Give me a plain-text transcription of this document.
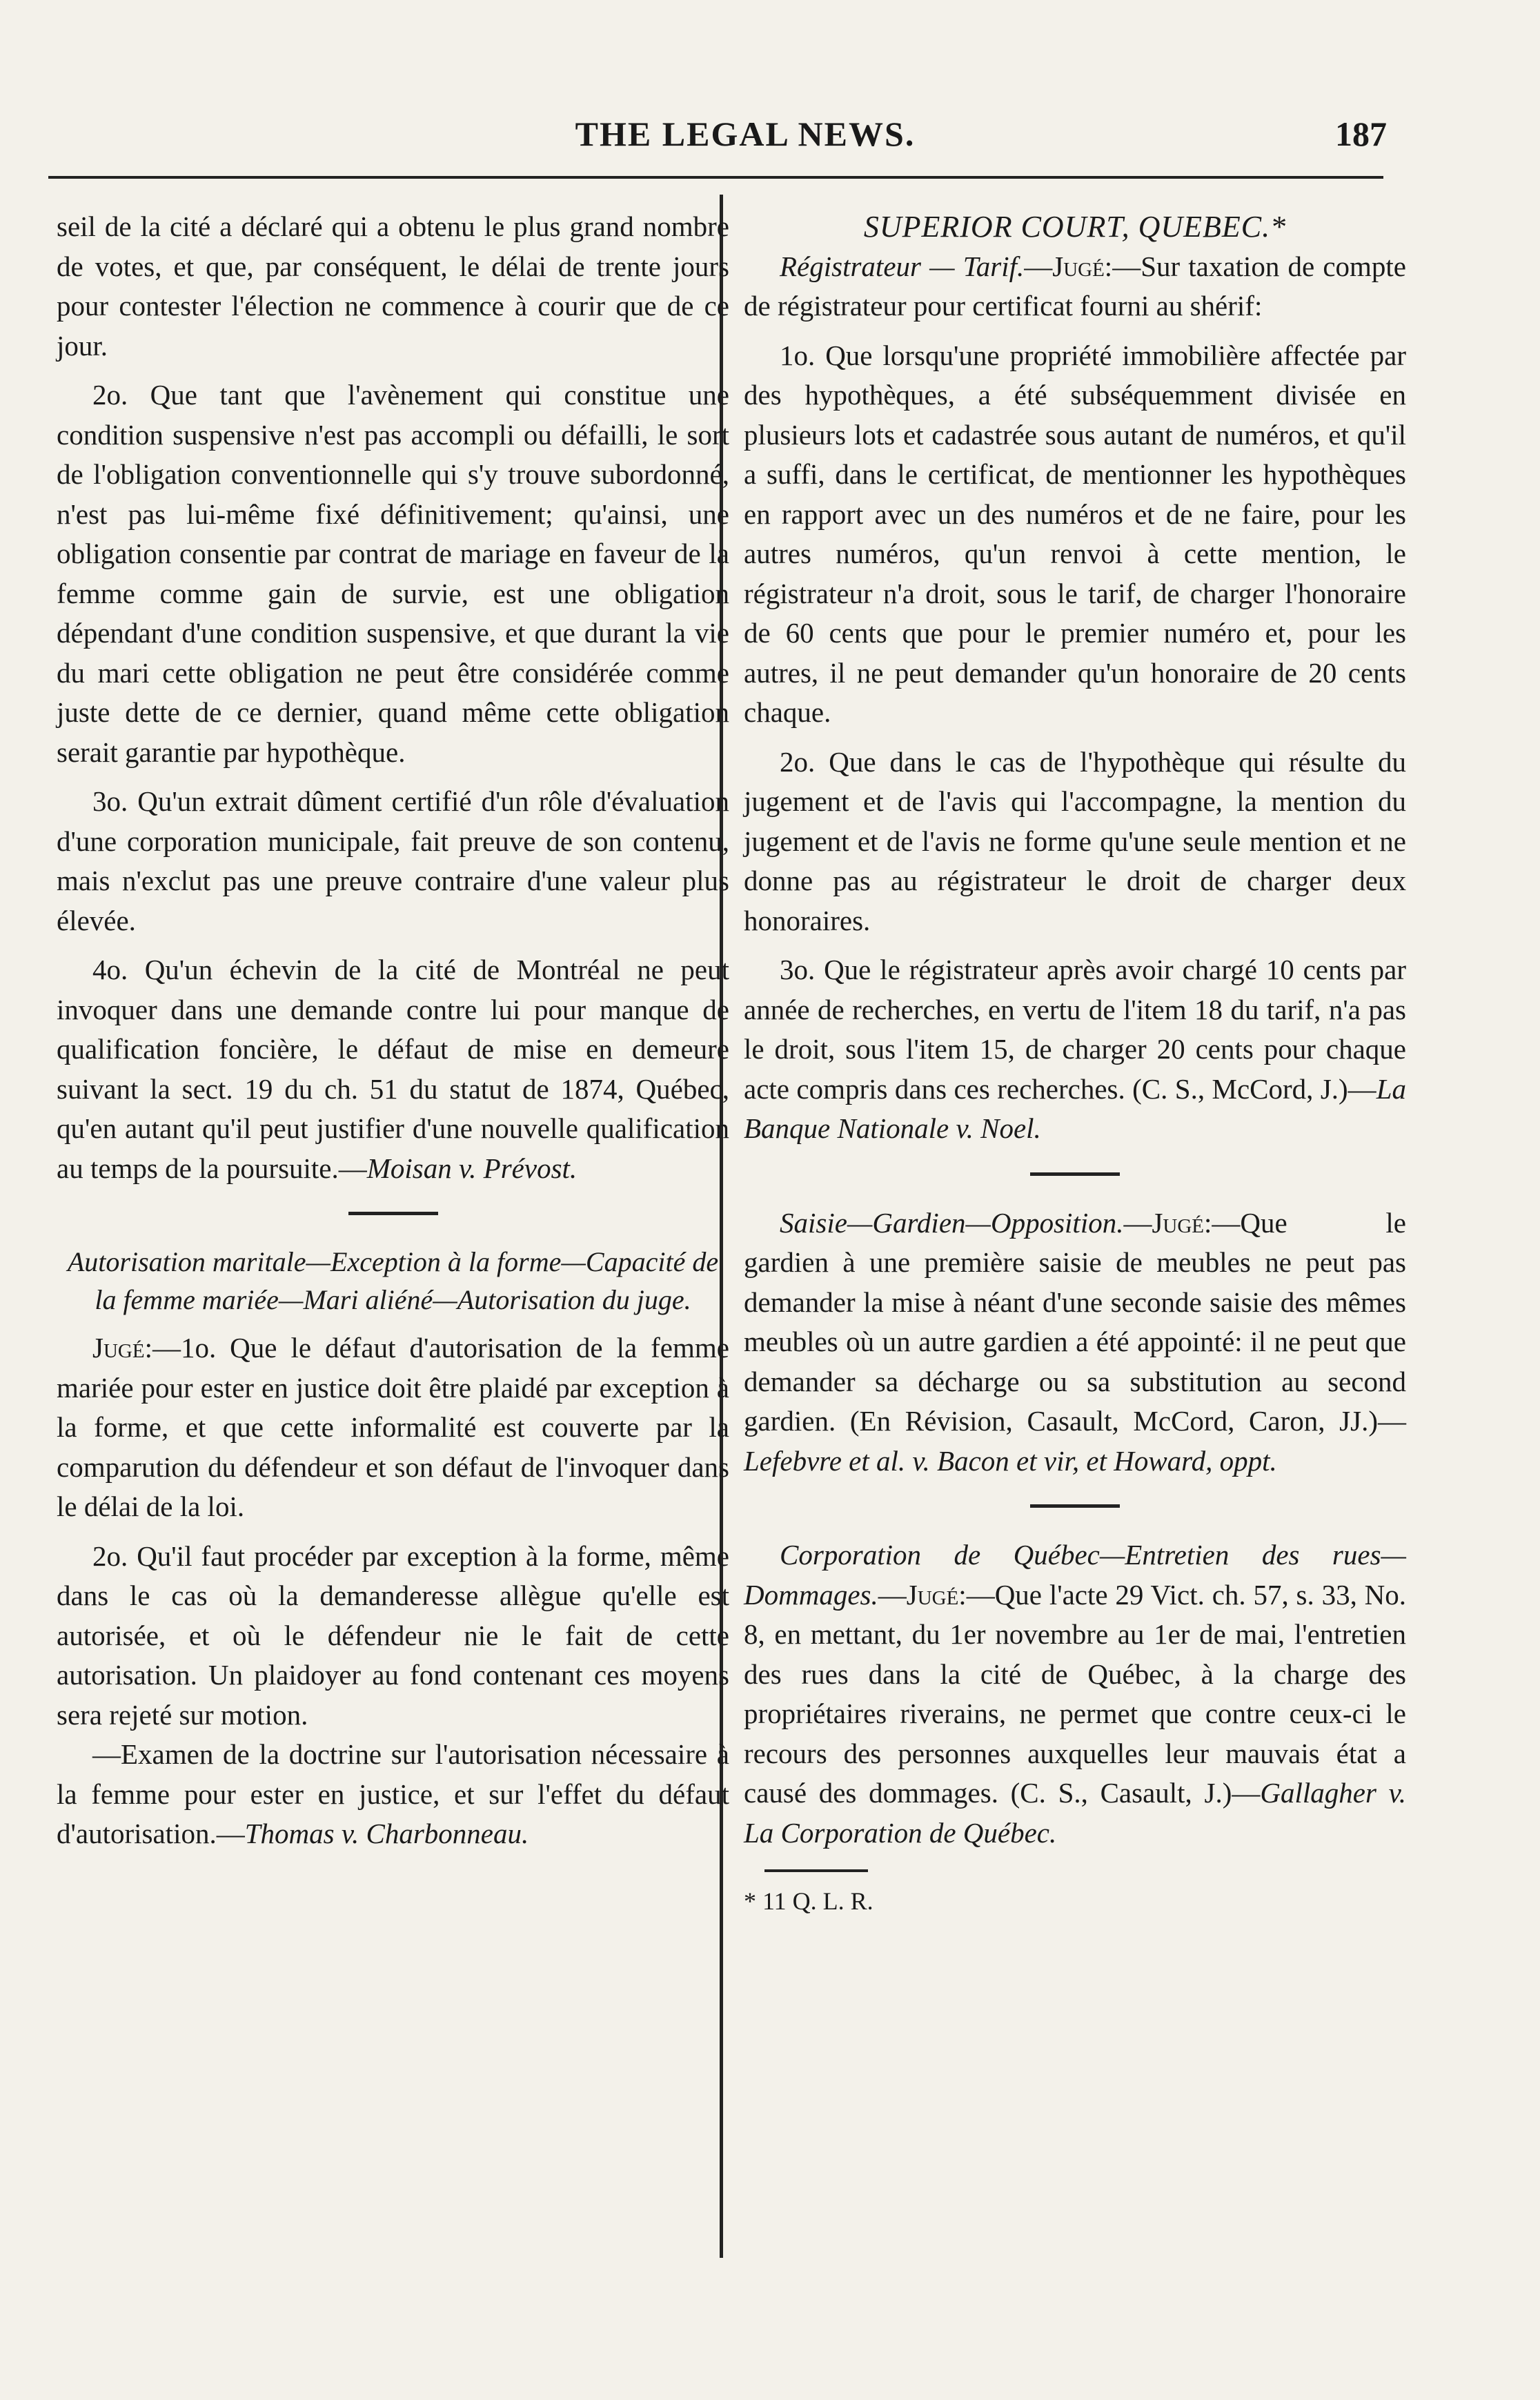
THE LEGAL NEWS.	187

seil de la cité a déclaré qui a obtenu le plus grand nombre de votes, et que, par conséquent, le délai de trente jours pour contester l'élection ne commence à courir que de ce jour.

2o. Que tant que l'avènement qui constitue une condition suspensive n'est pas accompli ou défailli, le sort de l'obligation conventionnelle qui s'y trouve subordonné, n'est pas lui-même fixé définitivement; qu'ainsi, une obligation consentie par contrat de mariage en faveur de la femme comme gain de survie, est une obligation dépendant d'une condition suspensive, et que durant la vie du mari cette obligation ne peut être considérée comme juste dette de ce dernier, quand même cette obligation serait garantie par hypothèque.

3o. Qu'un extrait dûment certifié d'un rôle d'évaluation d'une corporation municipale, fait preuve de son contenu, mais n'exclut pas une preuve contraire d'une valeur plus élevée.

4o. Qu'un échevin de la cité de Montréal ne peut invoquer dans une demande contre lui pour manque de qualification foncière, le défaut de mise en demeure suivant la sect. 19 du ch. 51 du statut de 1874, Québec, qu'en autant qu'il peut justifier d'une nouvelle qualification au temps de la poursuite.—Moisan v. Prévost.

Autorisation maritale—Exception à la forme—Capacité de la femme mariée—Mari aliéné—Autorisation du juge.

Jugé:—1o. Que le défaut d'autorisation de la femme mariée pour ester en justice doit être plaidé par exception à la forme, et que cette informalité est couverte par la comparution du défendeur et son défaut de l'invoquer dans le délai de la loi.

2o. Qu'il faut procéder par exception à la forme, même dans le cas où la demanderesse allègue qu'elle est autorisée, et où le défendeur nie le fait de cette autorisation. Un plaidoyer au fond contenant ces moyens sera rejeté sur motion.

—Examen de la doctrine sur l'autorisation nécessaire à la femme pour ester en justice, et sur l'effet du défaut d'autorisation.—Thomas v. Charbonneau.

SUPERIOR COURT, QUEBEC.*

Régistrateur — Tarif.—Jugé:—Sur taxation de compte de régistrateur pour certificat fourni au shérif:

1o. Que lorsqu'une propriété immobilière affectée par des hypothèques, a été subséquemment divisée en plusieurs lots et cadastrée sous autant de numéros, et qu'il a suffi, dans le certificat, de mentionner les hypothèques en rapport avec un des numéros et de ne faire, pour les autres numéros, qu'un renvoi à cette mention, le régistrateur n'a droit, sous le tarif, de charger l'honoraire de 60 cents que pour le premier numéro et, pour les autres, il ne peut demander qu'un honoraire de 20 cents chaque.

2o. Que dans le cas de l'hypothèque qui résulte du jugement et de l'avis qui l'accompagne, la mention du jugement et de l'avis ne forme qu'une seule mention et ne donne pas au régistrateur le droit de charger deux honoraires.

3o. Que le régistrateur après avoir chargé 10 cents par année de recherches, en vertu de l'item 18 du tarif, n'a pas le droit, sous l'item 15, de charger 20 cents pour chaque acte compris dans ces recherches. (C. S., McCord, J.)—La Banque Nationale v. Noel.

Saisie—Gardien—Opposition.—Jugé:—Que le gardien à une première saisie de meubles ne peut pas demander la mise à néant d'une seconde saisie des mêmes meubles où un autre gardien a été appointé: il ne peut que demander sa décharge ou sa substitution au second gardien. (En Révision, Casault, McCord, Caron, JJ.)—Lefebvre et al. v. Bacon et vir, et Howard, oppt.

Corporation de Québec—Entretien des rues—Dommages.—Jugé:—Que l'acte 29 Vict. ch. 57, s. 33, No. 8, en mettant, du 1er novembre au 1er de mai, l'entretien des rues dans la cité de Québec, à la charge des propriétaires riverains, ne permet que contre ceux-ci le recours des personnes auxquelles leur mauvais état a causé des dommages. (C. S., Casault, J.)—Gallagher v. La Corporation de Québec.

* 11 Q. L. R.
